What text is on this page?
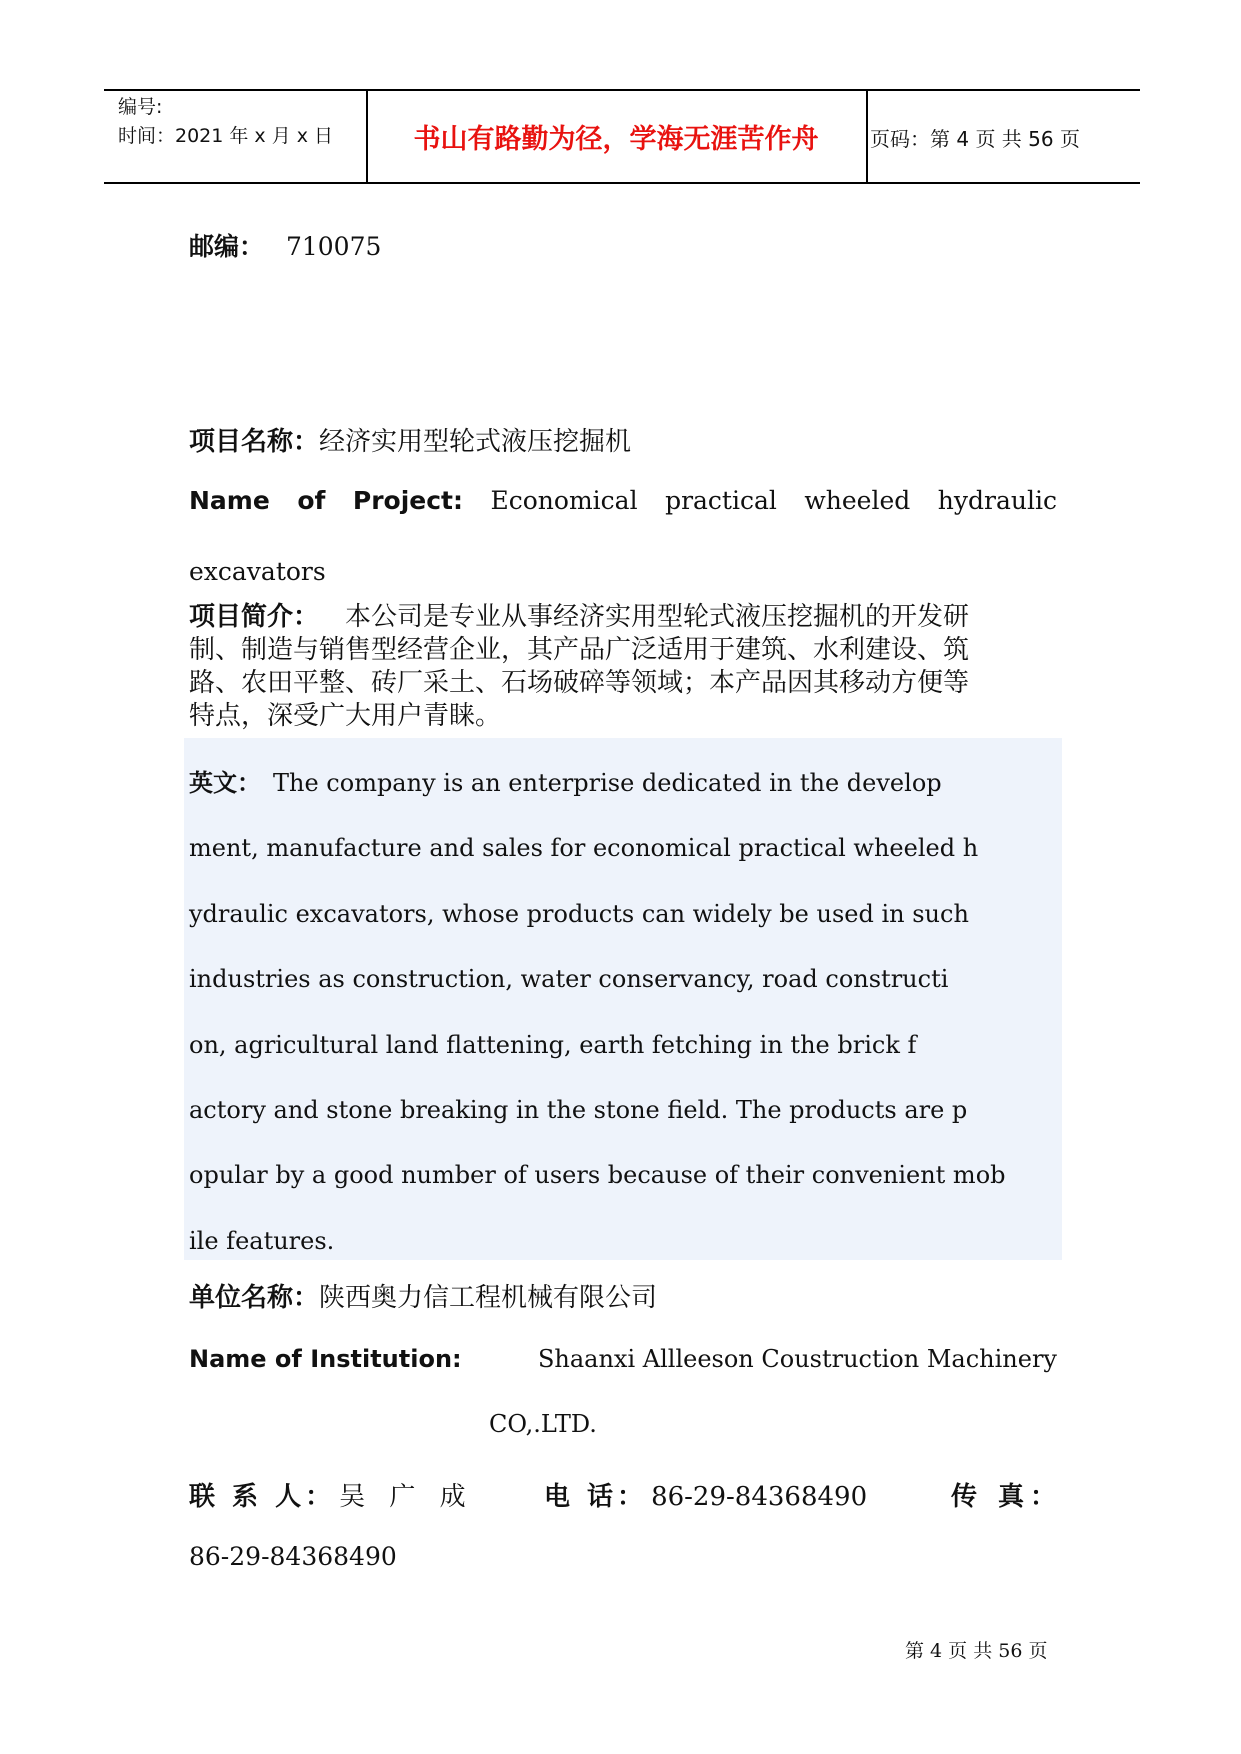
编号:
时间：2021 年 x 月 x 日	书山有路勤为径，学海无涯苦作舟	页码：第 4 页 共 56 页
邮编： 710075
项目名称：经济实用型轮式液压挖掘机
Name of Project: Economical practical wheeled hydraulic
excavators
项目简介： 本公司是专业从事经济实用型轮式液压挖掘机的开发研
制、制造与销售型经营企业，其产品广泛适用于建筑、水利建设、筑
路、农田平整、砖厂采土、石场破碎等领域；本产品因其移动方便等
特点，深受广大用户青睐。
英文： The company is an enterprise dedicated in the develop
ment, manufacture and sales for economical practical wheeled h
ydraulic excavators, whose products can widely be used in such
industries as construction, water conservancy, road constructi
on, agricultural land flattening, earth fetching in the brick f
actory and stone breaking in the stone field. The products are p
opular by a good number of users because of their convenient mob
ile features.
单位名称：陕西奥力信工程机械有限公司
Name of Institution:	Shaanxi Allleeson Coustruction Machinery
CO,.LTD.
联 系 人： 吴 广 成	电 话： 86-29-84368490	传 真：
86-29-84368490
第 4 页 共 56 页
